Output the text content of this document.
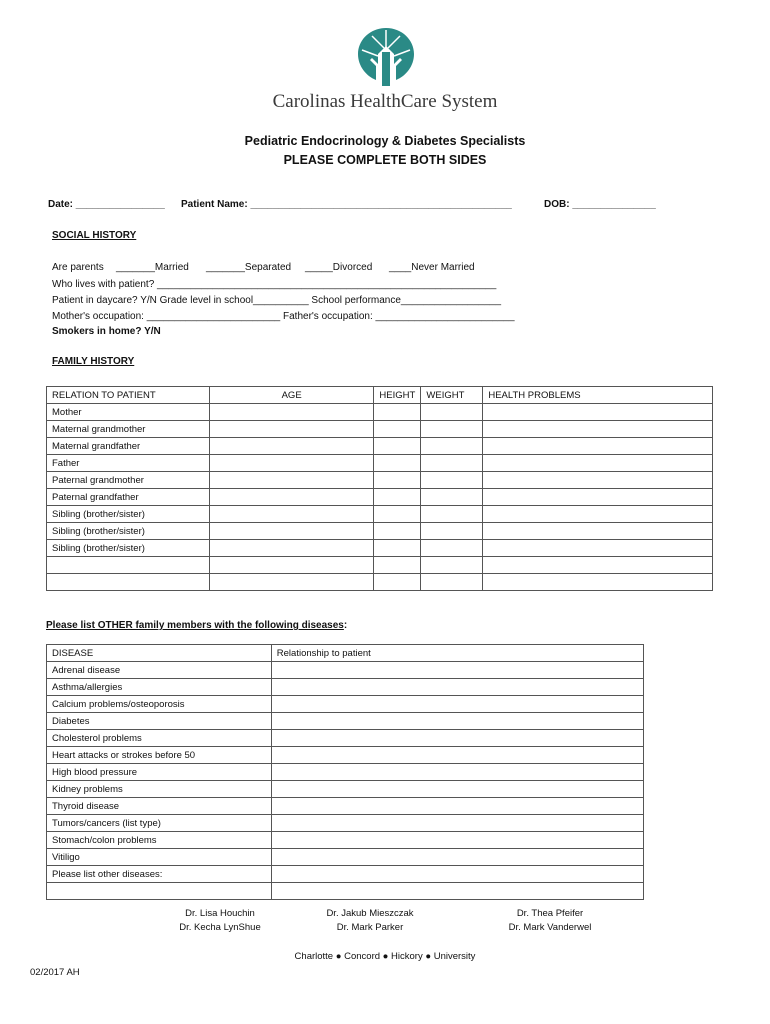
Carolinas HealthCare System
Pediatric Endocrinology & Diabetes Specialists
PLEASE COMPLETE BOTH SIDES
Date: ________________ Patient Name: _______________________________________________	DOB: _______________
SOCIAL HISTORY
Are parents _______Married _______Separated _____Divorced ____Never Married
Who lives with patient? _____________________________________________________________
Patient in daycare? Y/N Grade level in school__________ School performance__________________
Mother's occupation: ________________________ Father's occupation: _________________________
Smokers in home? Y/N
FAMILY HISTORY
RELATION TO PATIENT	AGE	HEIGHT	WEIGHT	HEALTH PROBLEMS
Mother				
Maternal grandmother				
Maternal grandfather				
Father				
Paternal grandmother				
Paternal grandfather				
Sibling (brother/sister)				
Sibling (brother/sister)				
Sibling (brother/sister)				

Please list OTHER family members with the following diseases:
DISEASE	Relationship to patient
Adrenal disease	
Asthma/allergies	
Calcium problems/osteoporosis	
Diabetes	
Cholesterol problems	
Heart attacks or strokes before 50	
High blood pressure	
Kidney problems	
Thyroid disease	
Tumors/cancers (list type)	
Stomach/colon problems	
Vitiligo	
Please list other diseases:	

Dr. Lisa Houchin
Dr. Kecha LynShue
Dr. Jakub Mieszczak
Dr. Mark Parker
Dr. Thea Pfeifer
Dr. Mark Vanderwel
Charlotte ● Concord ● Hickory ● University
02/2017 AH
